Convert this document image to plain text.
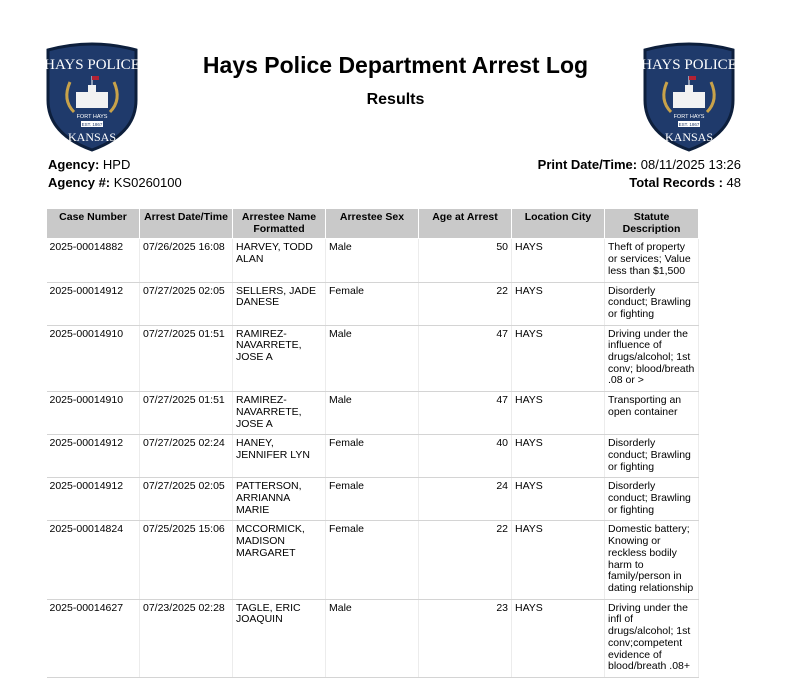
HAYS POLICE
FORT HAYS
EST. 1867
KANSAS
HAYS POLICE
FORT HAYS
EST. 1867
KANSAS
Hays Police Department Arrest Log
Results
Agency: HPD
Agency #: KS0260100
Print Date/Time: 08/11/2025 13:26
Total Records : 48
Case Number	Arrest Date/Time	Arrestee Name Formatted	Arrestee Sex	Age at Arrest	Location City	Statute Description
2025-00014882	07/26/2025 16:08	HARVEY, TODD ALAN	Male	50	HAYS	Theft of property or services; Value less than $1,500
2025-00014912	07/27/2025 02:05	SELLERS, JADE DANESE	Female	22	HAYS	Disorderly conduct; Brawling or fighting
2025-00014910	07/27/2025 01:51	RAMIREZ-NAVARRETE, JOSE A	Male	47	HAYS	Driving under the influence of drugs/alcohol; 1st conv; blood/breath .08 or >
2025-00014910	07/27/2025 01:51	RAMIREZ-NAVARRETE, JOSE A	Male	47	HAYS	Transporting an open container
2025-00014912	07/27/2025 02:24	HANEY, JENNIFER LYN	Female	40	HAYS	Disorderly conduct; Brawling or fighting
2025-00014912	07/27/2025 02:05	PATTERSON, ARRIANNA MARIE	Female	24	HAYS	Disorderly conduct; Brawling or fighting
2025-00014824	07/25/2025 15:06	MCCORMICK, MADISON MARGARET	Female	22	HAYS	Domestic battery; Knowing or reckless bodily harm to family/person in dating relationship
2025-00014627	07/23/2025 02:28	TAGLE, ERIC JOAQUIN	Male	23	HAYS	Driving under the infl of drugs/alcohol; 1st conv;competent evidence of blood/breath .08+
